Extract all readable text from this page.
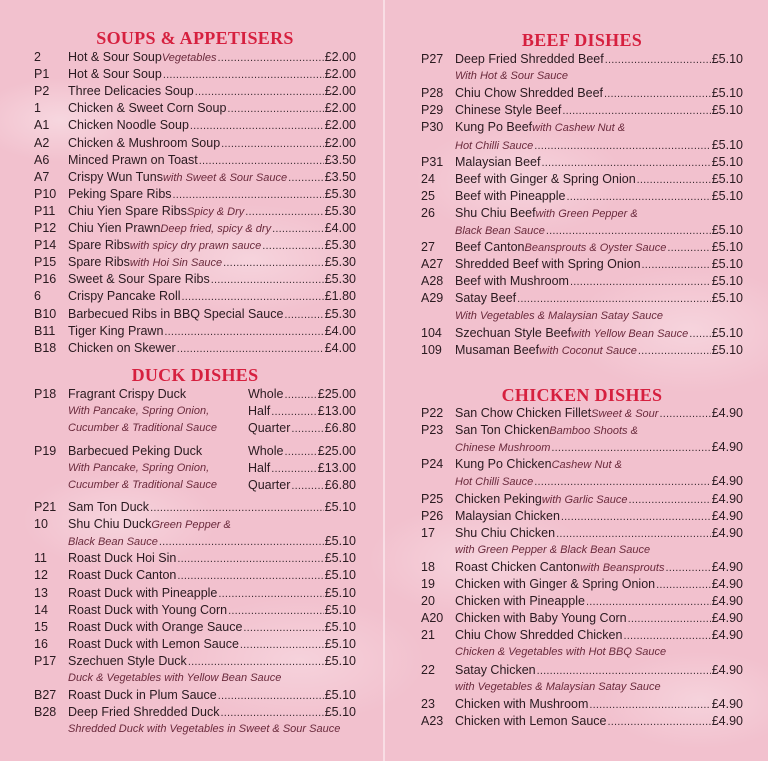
SOUPS & APPETISERS
2	Hot & Sour Soup Vegetables .....	£2.00
P1	Hot & Sour Soup .....	£2.00
P2	Three Delicacies Soup .....	£2.00
1	Chicken & Sweet Corn Soup .....	£2.00
A1	Chicken Noodle Soup .....	£2.00
A2	Chicken & Mushroom Soup .....	£2.00
A6	Minced Prawn on Toast .....	£3.50
A7	Crispy Wun Tuns with Sweet & Sour Sauce .....	£3.50
P10 Peking Spare Ribs .....	£5.30
P11	Chiu Yien Spare Ribs Spicy & Dry .....	£5.30
P12 Chiu Yien Prawn Deep fried, spicy & dry .....	£4.00
P14 Spare Ribs with spicy dry prawn sauce .....	£5.30
P15 Spare Ribs with Hoi Sin Sauce .....	£5.30
P16 Sweet & Sour Spare Ribs .....	£5.30
6	Crispy Pancake Roll .....	£1.80
B10 Barbecued Ribs in BBQ Special Sauce .....	£5.30
B11	Tiger King Prawn .....	£4.00
B18 Chicken on Skewer .....	£4.00
DUCK DISHES
P18 Fragrant Crispy Duck
With Pancake, Spring Onion,
Cucumber & Traditional Sauce
Whole .....	£25.00
Half .....	£13.00
Quarter .....	£6.80
P19 Barbecued Peking Duck
With Pancake, Spring Onion,
Cucumber & Traditional Sauce
Whole .....	£25.00
Half .....	£13.00
Quarter .....	£6.80
P21 Sam Ton Duck .....	£5.10
10	Shu Chiu Duck Green Pepper &
Black Bean Sauce .....	£5.10
11	Roast Duck Hoi Sin .....	£5.10
12	Roast Duck Canton .....	£5.10
13	Roast Duck with Pineapple .....	£5.10
14	Roast Duck with Young Corn .....	£5.10
15	Roast Duck with Orange Sauce .....	£5.10
16	Roast Duck with Lemon Sauce .....	£5.10
P17 Szechuen Style Duck .....	£5.10
Duck & Vegetables with Yellow Bean Sauce
B27 Roast Duck in Plum Sauce .....	£5.10
B28 Deep Fried Shredded Duck .....	£5.10
Shredded Duck with Vegetables in Sweet & Sour Sauce
BEEF DISHES
P27 Deep Fried Shredded Beef .....	£5.10
With Hot & Sour Sauce
P28 Chiu Chow Shredded Beef .....	£5.10
P29 Chinese Style Beef .....	£5.10
P30 Kung Po Beef with Cashew Nut &
Hot Chilli Sauce .....	£5.10
P31 Malaysian Beef .....	£5.10
24	Beef with Ginger & Spring Onion .....	£5.10
25	Beef with Pineapple .....	£5.10
26	Shu Chiu Beef with Green Pepper &
Black Bean Sauce .....	£5.10
27	Beef Canton Beansprouts & Oyster Sauce .....	£5.10
A27 Shredded Beef with Spring Onion .....	£5.10
A28 Beef with Mushroom .....	£5.10
A29 Satay Beef .....	£5.10
With Vegetables & Malaysian Satay Sauce
104	Szechuan Style Beef with Yellow Bean Sauce ..... £5.10
109	Musaman Beef with Coconut Sauce .....	£5.10
CHICKEN DISHES
P22 San Chow Chicken Fillet Sweet & Sour .....	£4.90
P23 San Ton Chicken Bamboo Shoots &
Chinese Mushroom .....	£4.90
P24 Kung Po Chicken Cashew Nut &
Hot Chilli Sauce .....	£4.90
P25 Chicken Peking with Garlic Sauce .....	£4.90
P26 Malaysian Chicken .....	£4.90
17	Shu Chiu Chicken .....	£4.90
with Green Pepper & Black Bean Sauce
18	Roast Chicken Canton with Beansprouts .....	£4.90
19	Chicken with Ginger & Spring Onion .....	£4.90
20	Chicken with Pineapple .....	£4.90
A20 Chicken with Baby Young Corn .....	£4.90
21	Chiu Chow Shredded Chicken .....	£4.90
Chicken & Vegetables with Hot BBQ Sauce
22	Satay Chicken .....	£4.90
with Vegetables & Malaysian Satay Sauce
23	Chicken with Mushroom .....	£4.90
A23 Chicken with Lemon Sauce .....	£4.90
